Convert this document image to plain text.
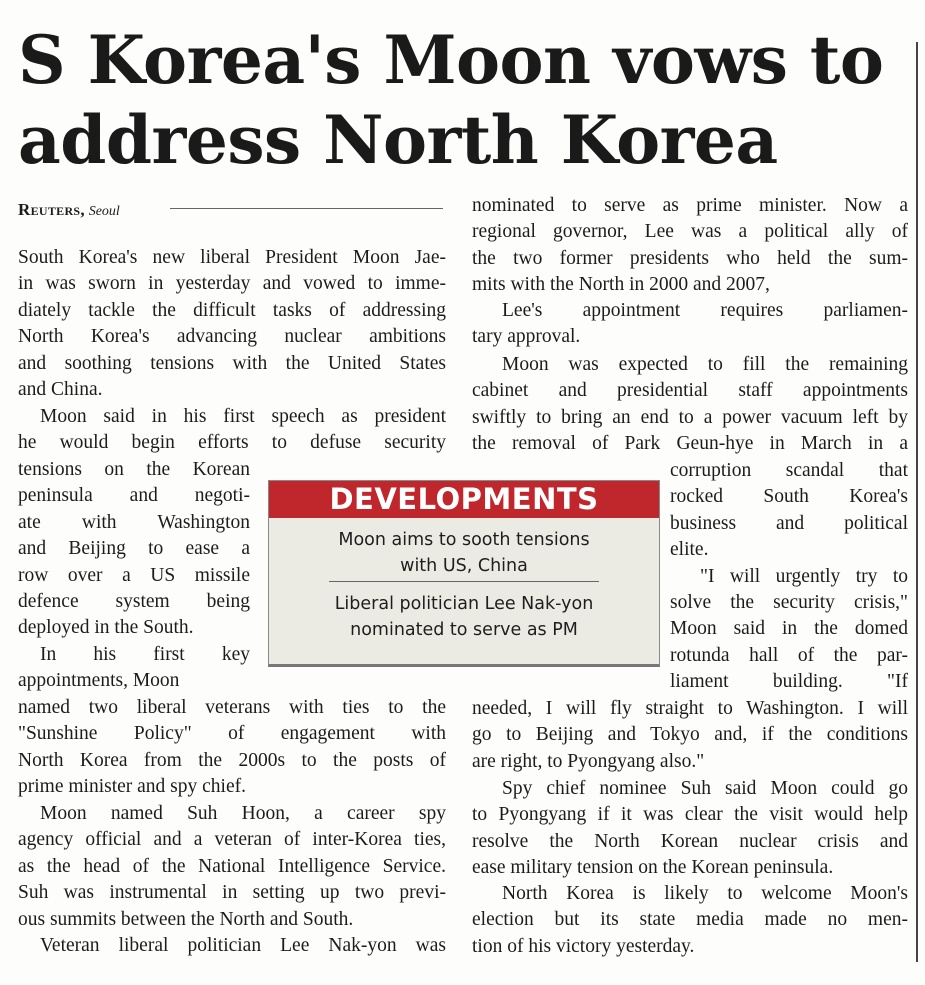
S Korea's Moon vows to
address North Korea
Reuters, Seoul
South Korea's new liberal President Moon Jae-
in was sworn in yesterday and vowed to imme-
diately tackle the difficult tasks of addressing
North Korea's advancing nuclear ambitions
and soothing tensions with the United States
and China.
Moon said in his first speech as president
he would begin efforts to defuse security
tensions on the Korean
peninsula and negoti-
ate with Washington
and Beijing to ease a
row over a US missile
defence system being
deployed in the South.
In his first key
appointments, Moon
named two liberal veterans with ties to the
"Sunshine Policy" of engagement with
North Korea from the 2000s to the posts of
prime minister and spy chief.
Moon named Suh Hoon, a career spy
agency official and a veteran of inter-Korea ties,
as the head of the National Intelligence Service.
Suh was instrumental in setting up two previ-
ous summits between the North and South.
Veteran liberal politician Lee Nak-yon was
DEVELOPMENTS
Moon aims to sooth tensions
with US, China
Liberal politician Lee Nak-yon
nominated to serve as PM
nominated to serve as prime minister. Now a
regional governor, Lee was a political ally of
the two former presidents who held the sum-
mits with the North in 2000 and 2007,
Lee's appointment requires parliamen-
tary approval.
Moon was expected to fill the remaining
cabinet and presidential staff appointments
swiftly to bring an end to a power vacuum left by
the removal of Park Geun-hye in March in a
corruption scandal that
rocked South Korea's
business and political
elite.
"I will urgently try to
solve the security crisis,"
Moon said in the domed
rotunda hall of the par-
liament building. "If
needed, I will fly straight to Washington. I will
go to Beijing and Tokyo and, if the conditions
are right, to Pyongyang also."
Spy chief nominee Suh said Moon could go
to Pyongyang if it was clear the visit would help
resolve the North Korean nuclear crisis and
ease military tension on the Korean peninsula.
North Korea is likely to welcome Moon's
election but its state media made no men-
tion of his victory yesterday.
